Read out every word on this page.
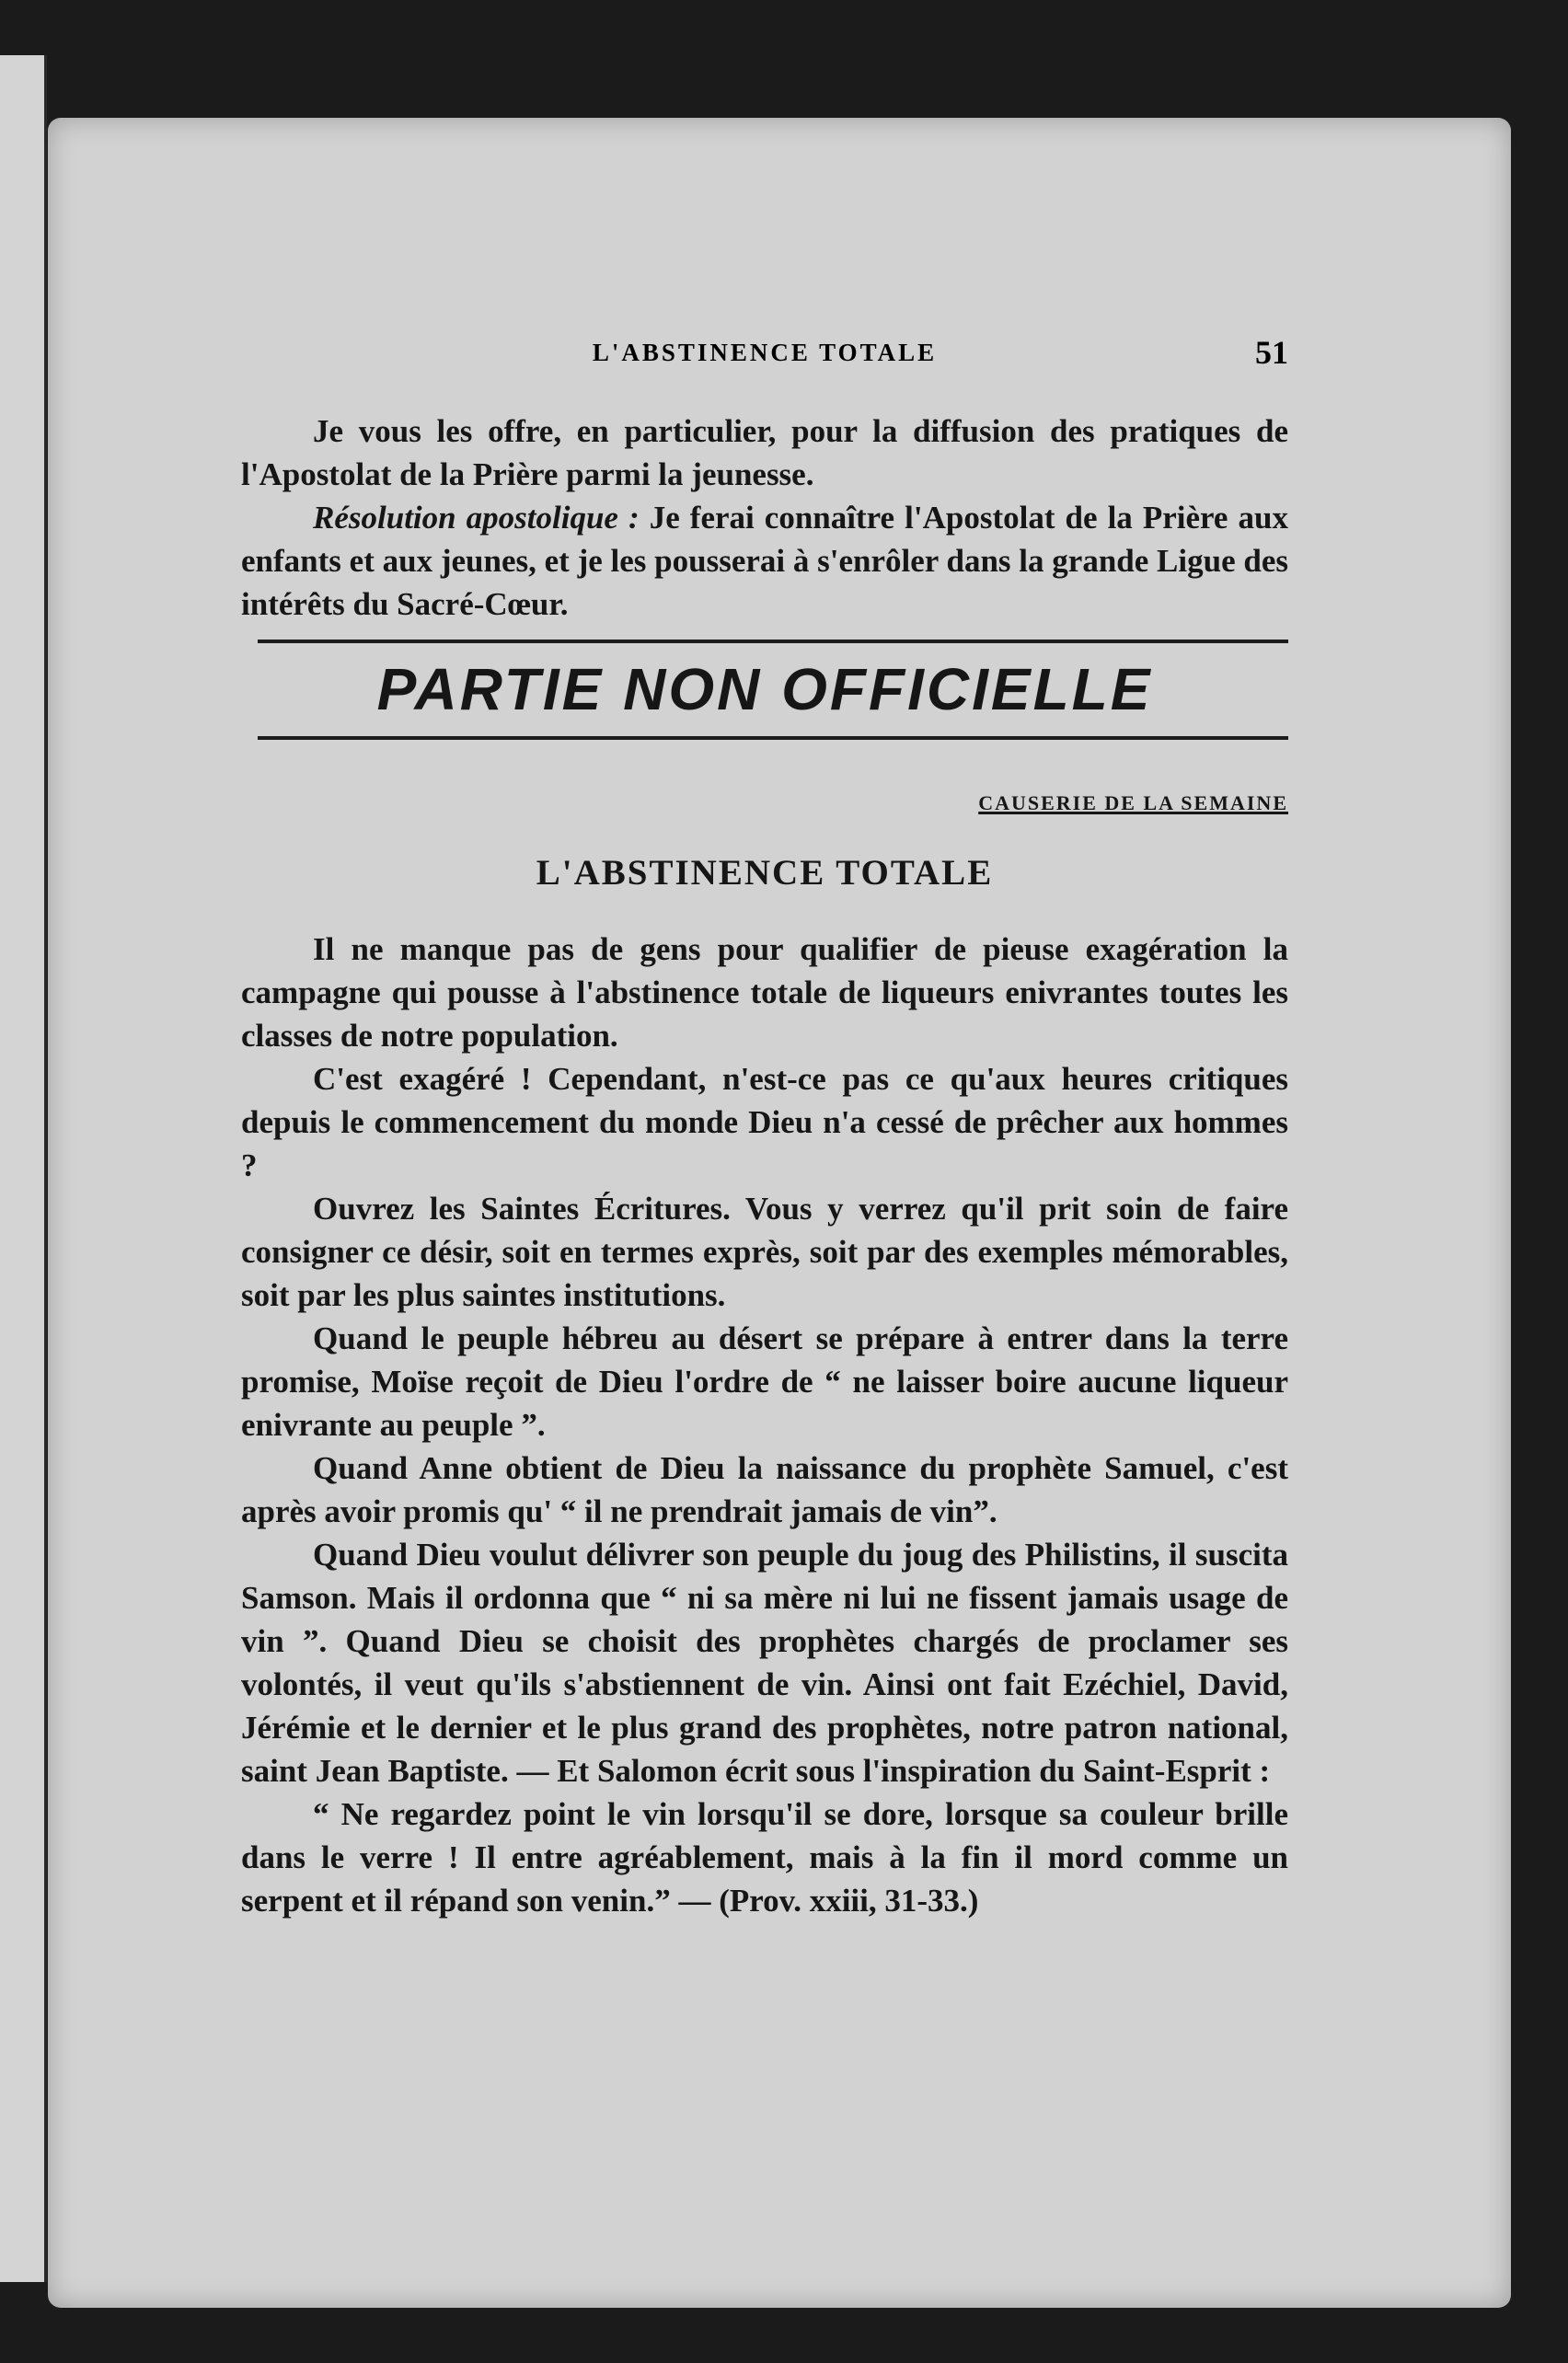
L'ABSTINENCE TOTALE	51

Je vous les offre, en particulier, pour la diffusion des pratiques de l'Apostolat de la Prière parmi la jeunesse.

Résolution apostolique : Je ferai connaître l'Apostolat de la Prière aux enfants et aux jeunes, et je les pousserai à s'enrôler dans la grande Ligue des intérêts du Sacré-Cœur.

PARTIE NON OFFICIELLE
CAUSERIE DE LA SEMAINE
L'ABSTINENCE TOTALE

Il ne manque pas de gens pour qualifier de pieuse exagération la campagne qui pousse à l'abstinence totale de liqueurs enivrantes toutes les classes de notre population.

C'est exagéré ! Cependant, n'est-ce pas ce qu'aux heures critiques depuis le commencement du monde Dieu n'a cessé de prêcher aux hommes ?

Ouvrez les Saintes Écritures. Vous y verrez qu'il prit soin de faire consigner ce désir, soit en termes exprès, soit par des exemples mémorables, soit par les plus saintes institutions.

Quand le peuple hébreu au désert se prépare à entrer dans la terre promise, Moïse reçoit de Dieu l'ordre de “ ne laisser boire aucune liqueur enivrante au peuple ”.

Quand Anne obtient de Dieu la naissance du prophète Samuel, c'est après avoir promis qu' “ il ne prendrait jamais de vin”.

Quand Dieu voulut délivrer son peuple du joug des Philistins, il suscita Samson. Mais il ordonna que “ ni sa mère ni lui ne fissent jamais usage de vin ”. Quand Dieu se choisit des prophètes chargés de proclamer ses volontés, il veut qu'ils s'abstiennent de vin. Ainsi ont fait Ezéchiel, David, Jérémie et le dernier et le plus grand des prophètes, notre patron national, saint Jean Baptiste. — Et Salomon écrit sous l'inspiration du Saint-Esprit :

“ Ne regardez point le vin lorsqu'il se dore, lorsque sa couleur brille dans le verre ! Il entre agréablement, mais à la fin il mord comme un serpent et il répand son venin.” — (Prov. xxiii, 31-33.)
